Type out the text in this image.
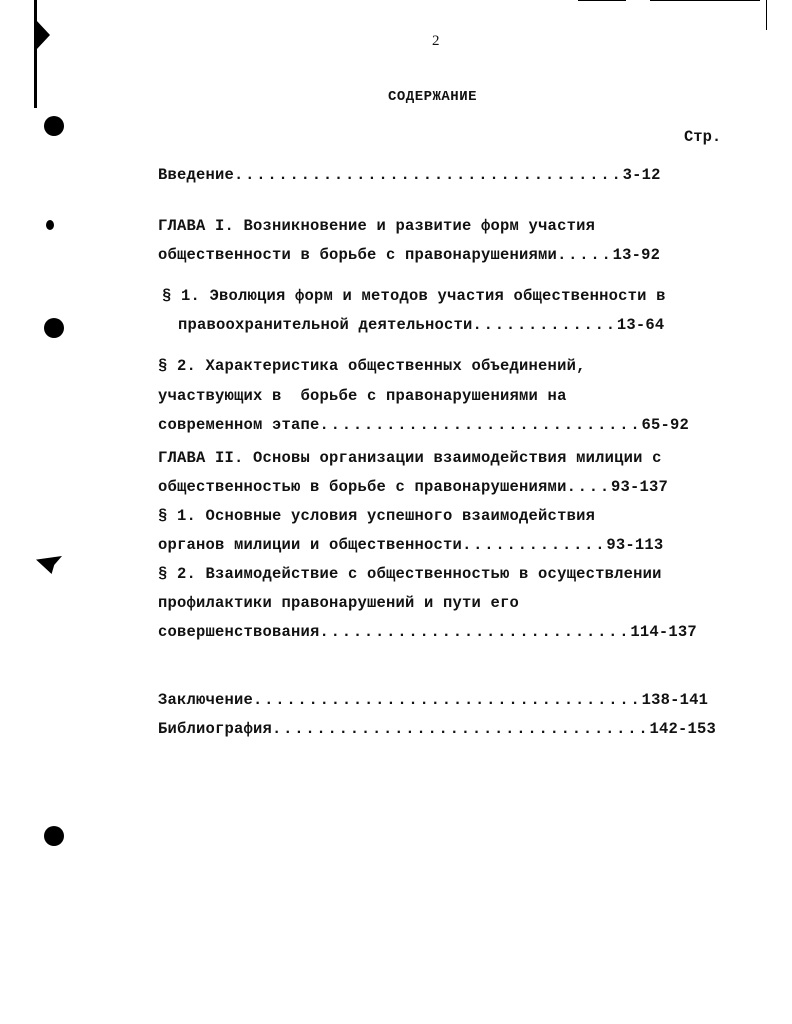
2
СОДЕРЖАНИЕ
Стр.
Введение...................................3-12
ГЛАВА I. Возникновение и развитие форм участия
общественности в борьбе с правонарушениями.....13-92
§ 1. Эволюция форм и методов участия общественности в
правоохранительной деятельности.............13-64
§ 2. Характеристика общественных объединений,
участвующих в  борьбе с правонарушениями на
современном этапе.............................65-92
ГЛАВА II. Основы организации взаимодействия милиции с
общественностью в борьбе с правонарушениями....93-137
§ 1. Основные условия успешного взаимодействия
органов милиции и общественности.............93-113
§ 2. Взаимодействие с общественностью в осуществлении
профилактики правонарушений и пути его
совершенствования............................114-137
Заключение...................................138-141
Библиография..................................142-153
